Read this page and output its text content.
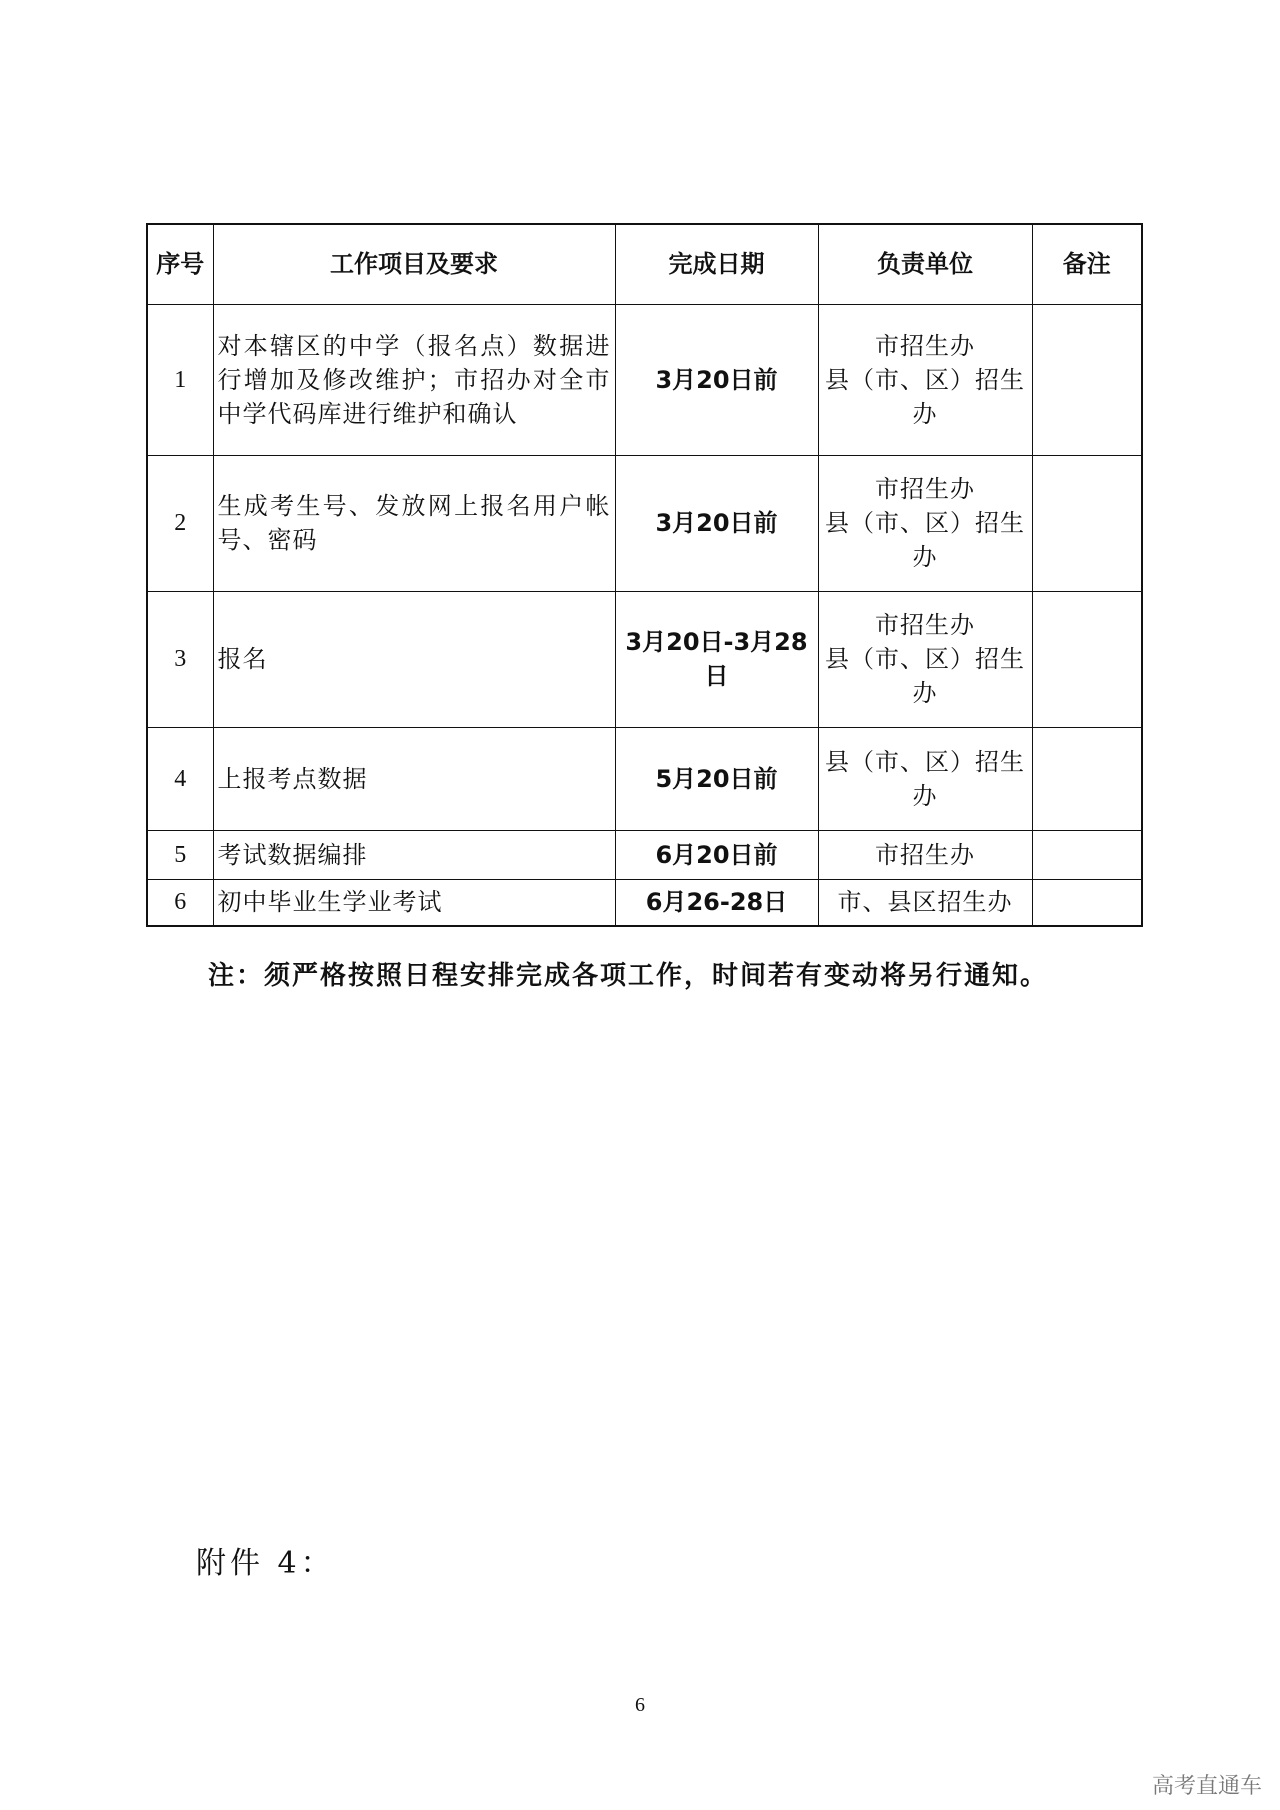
序号	工作项目及要求	完成日期	负责单位	备注
1	对本辖区的中学（报名点）数据进行增加及修改维护；市招办对全市中学代码库进行维护和确认	3月20日前	市招生办
县（市、区）招生办	

2	生成考生号、发放网上报名用户帐号、密码	3月20日前	市招生办
县（市、区）招生办	

3	报名	3月20日-3月28日	市招生办
县（市、区）招生办	

4	上报考点数据	5月20日前	县（市、区）招生办	

5	考试数据编排	6月20日前	市招生办	

6	初中毕业生学业考试	6月26-28日	市、县区招生办	

注：须严格按照日程安排完成各项工作，时间若有变动将另行通知。
附件 4：
6
高考直通车
